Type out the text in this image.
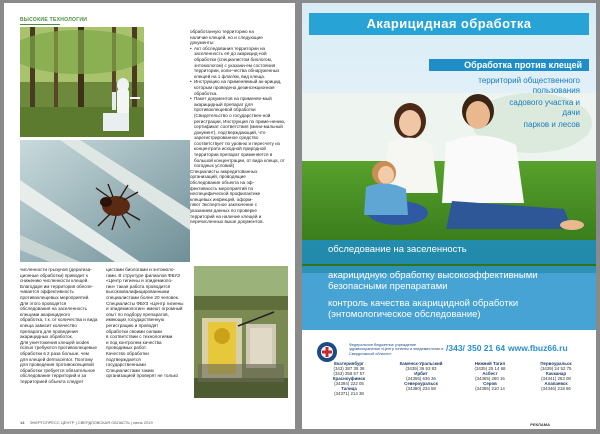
ВЫСОКИЕ ТЕХНОЛОГИИ

обработанную территорию на

наличие клещей, но и следующие

документы:

• Акт обследования территории на заселенность её до акарицид-ной обработки (специалистом биологом, энтомологом) с указани-ем состояния территории, коли-чества обнаруженных клещей на 1 флаг/км, вид клеща.
• Инструкцию на применяемый ак-арицид, которым проведена дезинсекционная обработка.
• Пакет документов на применяе-мый акарицидный препарат для противоклещевой обработки (Свидетельство о государствен-ной регистрации, Инструкция по приме-нению, сертификат соответствия (мини-мальный документ), подтверждающий, что зарегистрированное средство соответствует по уровню и пересчету из концентрата исходной природной территории препарат применяется в большой концентрации, от вида клеща, от погодных условий)

Специалисты аккредитованных

организаций, проводящие

обследование объекта на эф-

фективность мероприятий по

неспецифической профилактике

клещевых инфекций, оформ-

ляют Экспертное заключение с

указанием данных по проверке

территорий на наличие клещей и

перечисленных выше документов.

численности грызунов (дератиза-

ционные обработки) приводит к

снижению численности клещей.

Благодаря им территория обеспе-

чивается эффективность

противоклещевых мероприятий.

Для этого проводятся

обследования на заселенность

клещами акарицидного

обработка, т.к. от количества и вида

клеща зависит количество

препарата для проведения

акарицидных обработок.

Для уничтожения клещей ixodes

ricinus требуются противоклещевые

обработки в 2 раза больше, чем

для клещей dermacentor. Поэтому

для проведения противоклещевой

обработки требуется обязательное

обследование территорий и за

территорией объекта следует

цистами биологами и энтомоло-

гами. В структуре филиалов ФБУЗ

«Центр гигиены и эпидемиоло-

гии» такая работа проводится

высококвалифицированными

специалистами более 20 человек.

Специалисты ФБУЗ «Центр гигиены

и эпидемиологии» имеют огромный

опыт по подбору препаратов,

имеющих государственную

регистрацию и проводят

обработки своими силами

в соответствии с технологиями

и под контролем качества

проводимых работ.

Качество обработки

подтверждается

государственными

Специалистами таким

организацией проверят не только

14 ЭНЕРГОПРЕСС ЦЕНТР | СВЕРДЛОВСКАЯ ОБЛАСТЬ | июнь 2019
Акарицидная обработка
Обработка против клещей
территорий общественного
пользования
садового участка и
дачи
парков и лесов
обследование на заселенность
акарицидную обработку высокоэффективными
безопасными препаратами
контроль качества акарицидной обработки
(энтомологическое обследование)
Федеральное бюджетное учреждение здравоохранения «Центр гигиены и эпидемиологии в Свердловской области»
/343/ 350 21 64 www.fbuz66.ru
Екатеринбург
(343) 387 38 38
(343) 358 57 57
Красноуфимск
(34394) 222 05
Талица
(34371) 214 38
Каменск-Уральский
(3439) 36 53 83
Ирбит
(34355) 636 36
Североуральск
(34380) 234 58
Нижний Тагил
(3435) 25 14 68
Асбест
(34365) 260 16
Серов
(34385) 210 14
Первоуральск
(3439) 24 52 75
Качканар
(34341) 253 08
Алапаевск
(34346) 218 66
РЕКЛАМА
